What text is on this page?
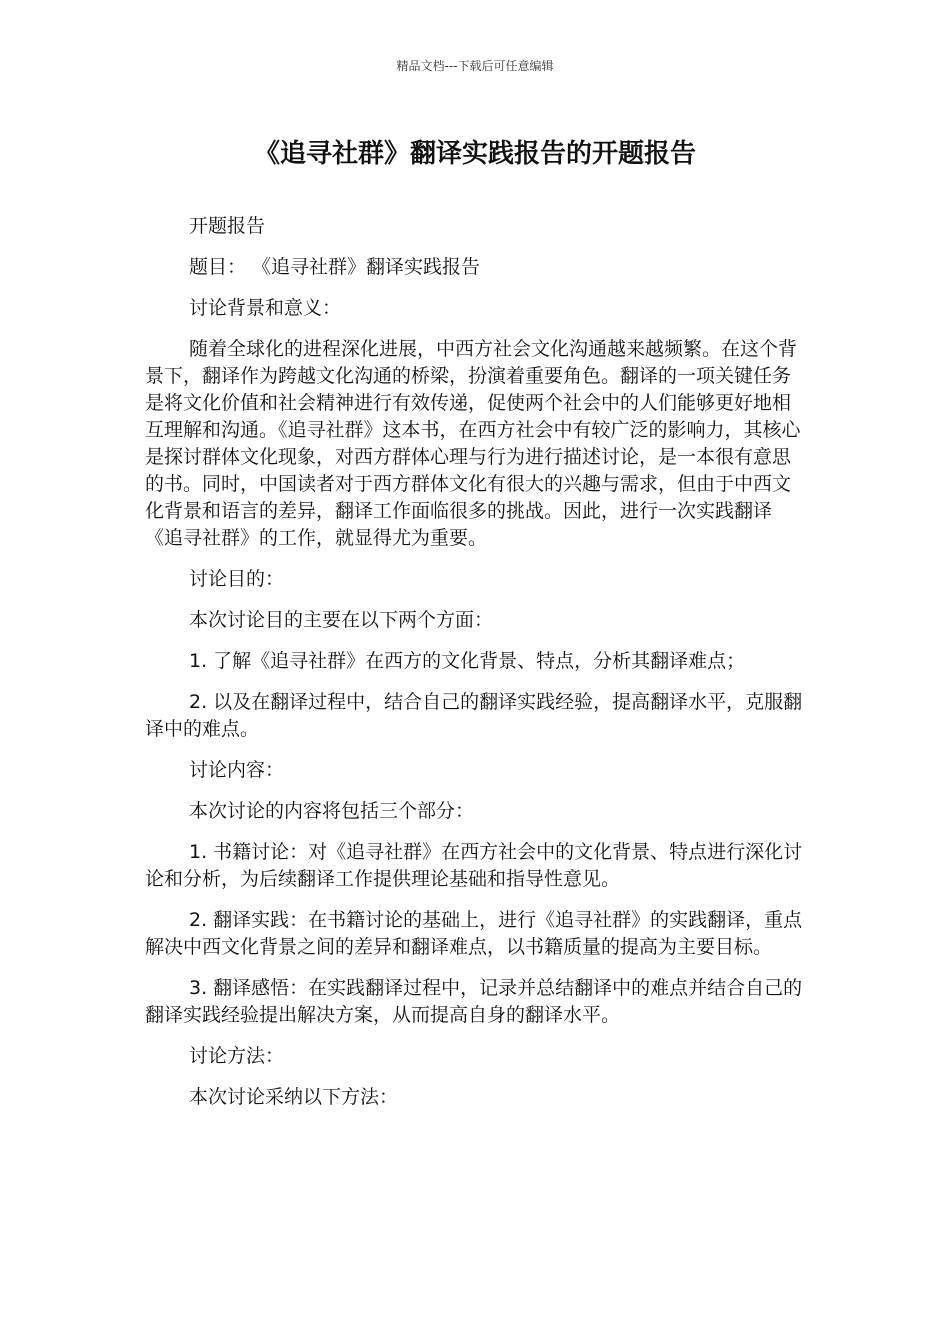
精品文档---下载后可任意编辑
《追寻社群》翻译实践报告的开题报告

开题报告

题目： 《追寻社群》翻译实践报告

讨论背景和意义：

随着全球化的进程深化进展，中西方社会文化沟通越来越频繁。在这个背景下，翻译作为跨越文化沟通的桥梁，扮演着重要角色。翻译的一项关键任务是将文化价值和社会精神进行有效传递，促使两个社会中的人们能够更好地相互理解和沟通。《追寻社群》这本书，在西方社会中有较广泛的影响力，其核心是探讨群体文化现象，对西方群体心理与行为进行描述讨论，是一本很有意思的书。同时，中国读者对于西方群体文化有很大的兴趣与需求，但由于中西文化背景和语言的差异，翻译工作面临很多的挑战。因此，进行一次实践翻译《追寻社群》的工作，就显得尤为重要。

讨论目的：

本次讨论目的主要在以下两个方面：

1. 了解《追寻社群》在西方的文化背景、特点，分析其翻译难点；

2. 以及在翻译过程中，结合自己的翻译实践经验，提高翻译水平，克服翻译中的难点。

讨论内容：

本次讨论的内容将包括三个部分：

1. 书籍讨论：对《追寻社群》在西方社会中的文化背景、特点进行深化讨论和分析，为后续翻译工作提供理论基础和指导性意见。

2. 翻译实践：在书籍讨论的基础上，进行《追寻社群》的实践翻译，重点解决中西文化背景之间的差异和翻译难点，以书籍质量的提高为主要目标。

3. 翻译感悟：在实践翻译过程中，记录并总结翻译中的难点并结合自己的翻译实践经验提出解决方案，从而提高自身的翻译水平。

讨论方法：

本次讨论采纳以下方法：
